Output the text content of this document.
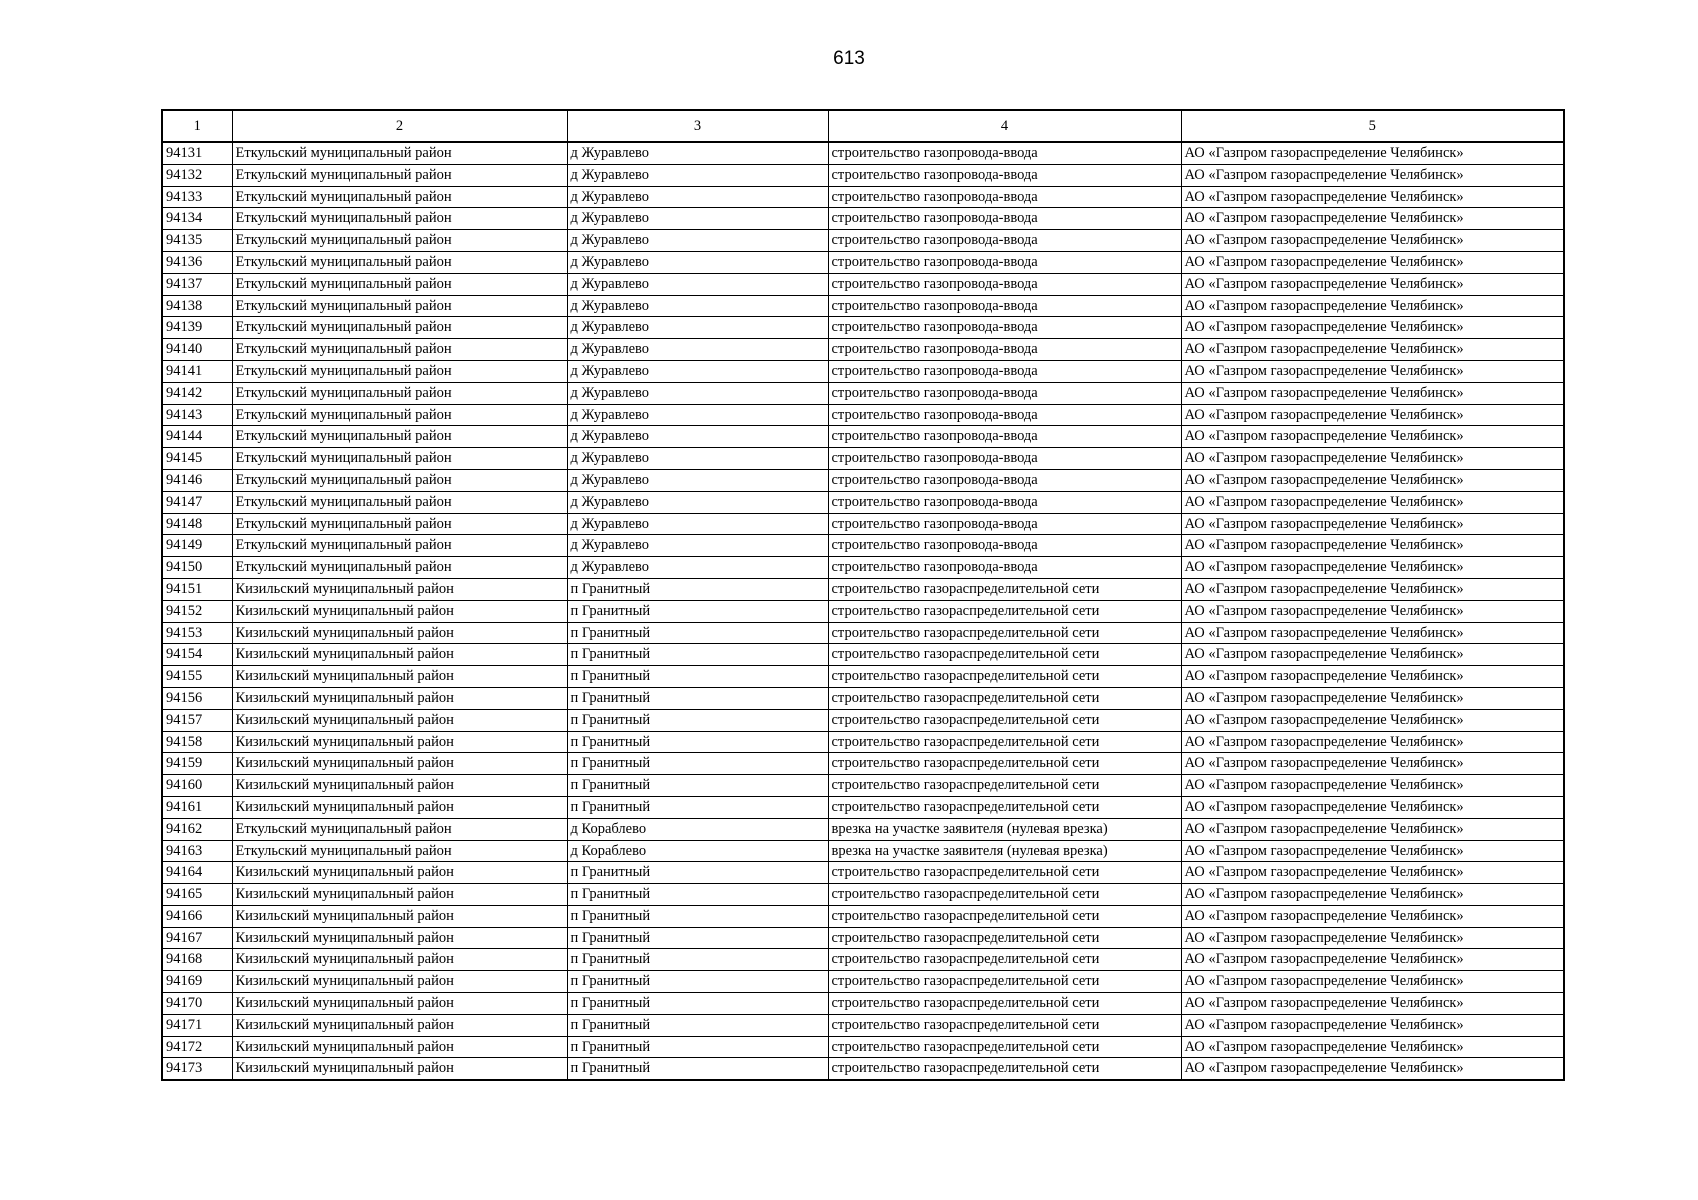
613
1	2	3	4	5
94131	Еткульский муниципальный район	д Журавлево	строительство газопровода-ввода	АО «Газпром газораспределение Челябинск»
94132	Еткульский муниципальный район	д Журавлево	строительство газопровода-ввода	АО «Газпром газораспределение Челябинск»
94133	Еткульский муниципальный район	д Журавлево	строительство газопровода-ввода	АО «Газпром газораспределение Челябинск»
94134	Еткульский муниципальный район	д Журавлево	строительство газопровода-ввода	АО «Газпром газораспределение Челябинск»
94135	Еткульский муниципальный район	д Журавлево	строительство газопровода-ввода	АО «Газпром газораспределение Челябинск»
94136	Еткульский муниципальный район	д Журавлево	строительство газопровода-ввода	АО «Газпром газораспределение Челябинск»
94137	Еткульский муниципальный район	д Журавлево	строительство газопровода-ввода	АО «Газпром газораспределение Челябинск»
94138	Еткульский муниципальный район	д Журавлево	строительство газопровода-ввода	АО «Газпром газораспределение Челябинск»
94139	Еткульский муниципальный район	д Журавлево	строительство газопровода-ввода	АО «Газпром газораспределение Челябинск»
94140	Еткульский муниципальный район	д Журавлево	строительство газопровода-ввода	АО «Газпром газораспределение Челябинск»
94141	Еткульский муниципальный район	д Журавлево	строительство газопровода-ввода	АО «Газпром газораспределение Челябинск»
94142	Еткульский муниципальный район	д Журавлево	строительство газопровода-ввода	АО «Газпром газораспределение Челябинск»
94143	Еткульский муниципальный район	д Журавлево	строительство газопровода-ввода	АО «Газпром газораспределение Челябинск»
94144	Еткульский муниципальный район	д Журавлево	строительство газопровода-ввода	АО «Газпром газораспределение Челябинск»
94145	Еткульский муниципальный район	д Журавлево	строительство газопровода-ввода	АО «Газпром газораспределение Челябинск»
94146	Еткульский муниципальный район	д Журавлево	строительство газопровода-ввода	АО «Газпром газораспределение Челябинск»
94147	Еткульский муниципальный район	д Журавлево	строительство газопровода-ввода	АО «Газпром газораспределение Челябинск»
94148	Еткульский муниципальный район	д Журавлево	строительство газопровода-ввода	АО «Газпром газораспределение Челябинск»
94149	Еткульский муниципальный район	д Журавлево	строительство газопровода-ввода	АО «Газпром газораспределение Челябинск»
94150	Еткульский муниципальный район	д Журавлево	строительство газопровода-ввода	АО «Газпром газораспределение Челябинск»
94151	Кизильский муниципальный район	п Гранитный	строительство газораспределительной сети	АО «Газпром газораспределение Челябинск»
94152	Кизильский муниципальный район	п Гранитный	строительство газораспределительной сети	АО «Газпром газораспределение Челябинск»
94153	Кизильский муниципальный район	п Гранитный	строительство газораспределительной сети	АО «Газпром газораспределение Челябинск»
94154	Кизильский муниципальный район	п Гранитный	строительство газораспределительной сети	АО «Газпром газораспределение Челябинск»
94155	Кизильский муниципальный район	п Гранитный	строительство газораспределительной сети	АО «Газпром газораспределение Челябинск»
94156	Кизильский муниципальный район	п Гранитный	строительство газораспределительной сети	АО «Газпром газораспределение Челябинск»
94157	Кизильский муниципальный район	п Гранитный	строительство газораспределительной сети	АО «Газпром газораспределение Челябинск»
94158	Кизильский муниципальный район	п Гранитный	строительство газораспределительной сети	АО «Газпром газораспределение Челябинск»
94159	Кизильский муниципальный район	п Гранитный	строительство газораспределительной сети	АО «Газпром газораспределение Челябинск»
94160	Кизильский муниципальный район	п Гранитный	строительство газораспределительной сети	АО «Газпром газораспределение Челябинск»
94161	Кизильский муниципальный район	п Гранитный	строительство газораспределительной сети	АО «Газпром газораспределение Челябинск»
94162	Еткульский муниципальный район	д Кораблево	врезка на участке заявителя (нулевая врезка)	АО «Газпром газораспределение Челябинск»
94163	Еткульский муниципальный район	д Кораблево	врезка на участке заявителя (нулевая врезка)	АО «Газпром газораспределение Челябинск»
94164	Кизильский муниципальный район	п Гранитный	строительство газораспределительной сети	АО «Газпром газораспределение Челябинск»
94165	Кизильский муниципальный район	п Гранитный	строительство газораспределительной сети	АО «Газпром газораспределение Челябинск»
94166	Кизильский муниципальный район	п Гранитный	строительство газораспределительной сети	АО «Газпром газораспределение Челябинск»
94167	Кизильский муниципальный район	п Гранитный	строительство газораспределительной сети	АО «Газпром газораспределение Челябинск»
94168	Кизильский муниципальный район	п Гранитный	строительство газораспределительной сети	АО «Газпром газораспределение Челябинск»
94169	Кизильский муниципальный район	п Гранитный	строительство газораспределительной сети	АО «Газпром газораспределение Челябинск»
94170	Кизильский муниципальный район	п Гранитный	строительство газораспределительной сети	АО «Газпром газораспределение Челябинск»
94171	Кизильский муниципальный район	п Гранитный	строительство газораспределительной сети	АО «Газпром газораспределение Челябинск»
94172	Кизильский муниципальный район	п Гранитный	строительство газораспределительной сети	АО «Газпром газораспределение Челябинск»
94173	Кизильский муниципальный район	п Гранитный	строительство газораспределительной сети	АО «Газпром газораспределение Челябинск»
